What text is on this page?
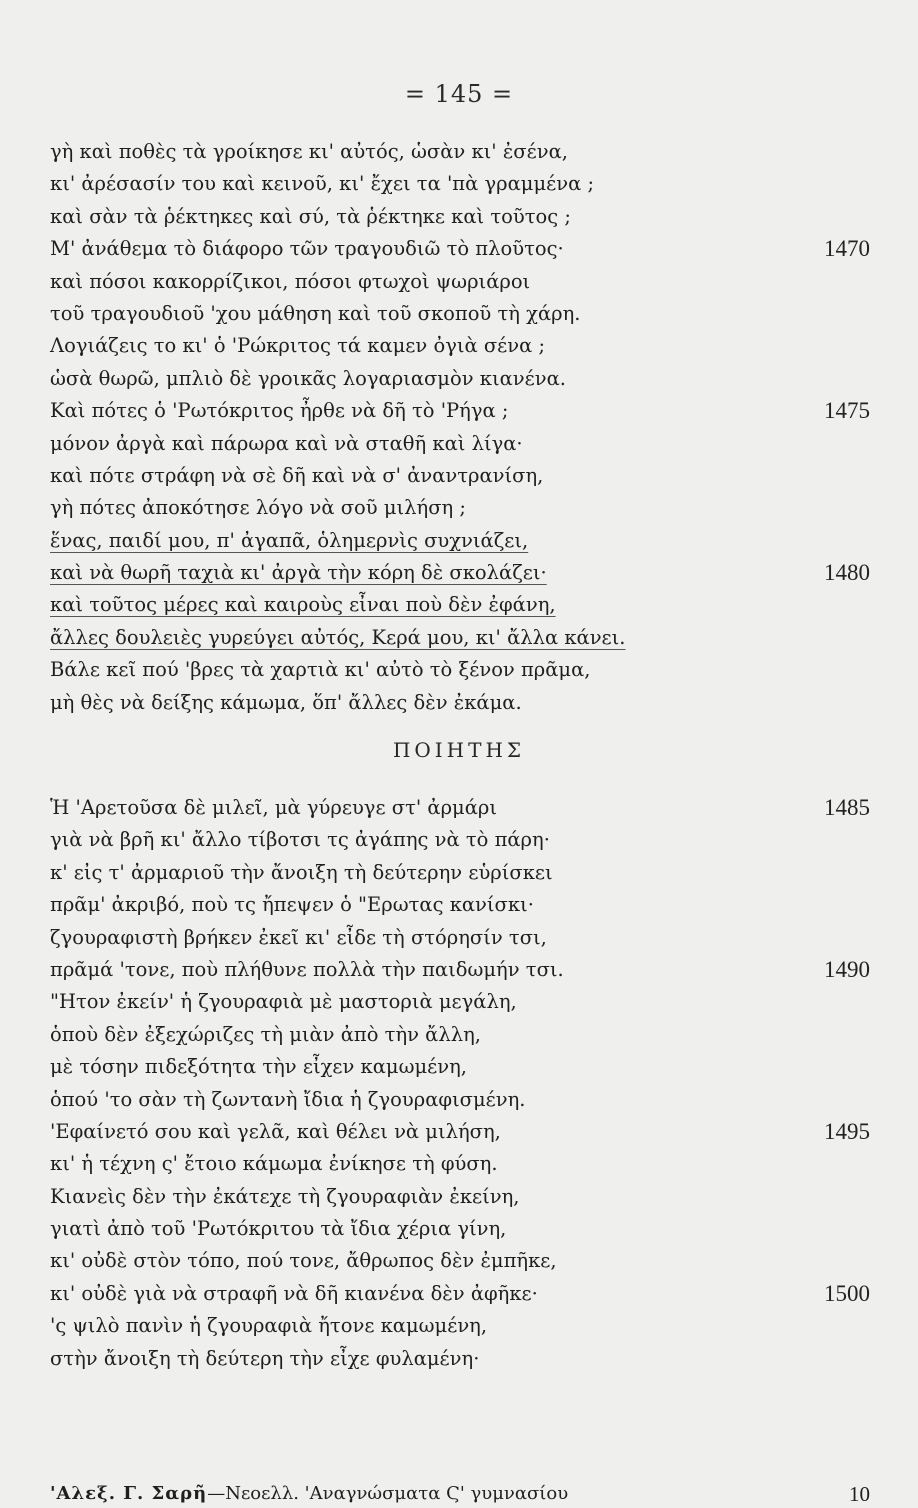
= 145 =
γὴ καὶ ποθὲς τὰ γροίκησε κι' αὐτός, ὡσὰν κι' ἐσένα,
κι' ἀρέσασίν του καὶ κεινοῦ, κι' ἔχει τα 'πὰ γραμμένα ;
καὶ σὰν τὰ ῥέκτηκες καὶ σύ, τὰ ῥέκτηκε καὶ τοῦτος ;
Μ' ἀνάθεμα τὸ διάφορο τῶν τραγουδιῶ τὸ πλοῦτος·	1470
καὶ πόσοι κακορρίζικοι, πόσοι φτωχοὶ ψωριάροι
τοῦ τραγουδιοῦ 'χου μάθηση καὶ τοῦ σκοποῦ τὴ χάρη.
Λογιάζεις το κι' ὁ 'Ρώκριτος τά καμεν ὀγιὰ σένα ;
ὡσὰ θωρῶ, μπλιὸ δὲ γροικᾶς λογαριασμὸν κιανένα.
Καὶ πότες ὁ 'Ρωτόκριτος ἦρθε νὰ δῆ τὸ 'Ρήγα ;	1475
μόνον ἀργὰ καὶ πάρωρα καὶ νὰ σταθῆ καὶ λίγα·
καὶ πότε στράφη νὰ σὲ δῆ καὶ νὰ σ' ἀναντρανίση,
γὴ πότες ἀποκότησε λόγο νὰ σοῦ μιλήση ;
ἕνας, παιδί μου, π' ἀγαπᾶ, ὁλημερνὶς συχνιάζει,
καὶ νὰ θωρῆ ταχιὰ κι' ἀργὰ τὴν κόρη δὲ σκολάζει·	1480
καὶ τοῦτος μέρες καὶ καιροὺς εἶναι ποὺ δὲν ἐφάνη,
ἄλλες δουλειὲς γυρεύγει αὐτός, Κερά μου, κι' ἄλλα κάνει.
Βάλε κεῖ πού 'βρες τὰ χαρτιὰ κι' αὐτὸ τὸ ξένον πρᾶμα,
μὴ θὲς νὰ δείξης κάμωμα, ὅπ' ἄλλες δὲν ἐκάμα.
ΠΟΙΗΤΗΣ
Ἡ 'Αρετοῦσα δὲ μιλεῖ, μὰ γύρευγε στ' ἀρμάρι	1485
γιὰ νὰ βρῆ κι' ἄλλο τίβοτσι τς ἀγάπης νὰ τὸ πάρη·
κ' εἰς τ' ἀρμαριοῦ τὴν ἄνοιξη τὴ δεύτερην εὑρίσκει
πρᾶμ' ἀκριβό, ποὺ τς ἤπεψεν ὁ "Ερωτας κανίσκι·
ζγουραφιστὴ βρήκεν ἐκεῖ κι' εἶδε τὴ στόρησίν τσι,
πρᾶμά 'τονε, ποὺ πλήθυνε πολλὰ τὴν παιδωμήν τσι.	1490
"Ητον ἐκείν' ἡ ζγουραφιὰ μὲ μαστοριὰ μεγάλη,
ὁποὺ δὲν ἐξεχώριζες τὴ μιὰν ἀπὸ τὴν ἄλλη,
μὲ τόσην πιδεξότητα τὴν εἶχεν καμωμένη,
ὁπού 'το σὰν τὴ ζωντανὴ ἴδια ἡ ζγουραφισμένη.
'Εφαίνετό σου καὶ γελᾶ, καὶ θέλει νὰ μιλήση,	1495
κι' ἡ τέχνη ς' ἔτοιο κάμωμα ἐνίκησε τὴ φύση.
Κιανεὶς δὲν τὴν ἐκάτεχε τὴ ζγουραφιὰν ἐκείνη,
γιατὶ ἀπὸ τοῦ 'Ρωτόκριτου τὰ ἴδια χέρια γίνη,
κι' οὐδὲ στὸν τόπο, πού τονε, ἄθρωπος δὲν ἐμπῆκε,
κι' οὐδὲ γιὰ νὰ στραφῆ νὰ δῆ κιανένα δὲν ἀφῆκε·	1500
'ς ψιλὸ πανὶν ἡ ζγουραφιὰ ἤτονε καμωμένη,
στὴν ἄνοιξη τὴ δεύτερη τὴν εἶχε φυλαμένη·
'Αλεξ. Γ. Σαρῆ—Νεοελλ. 'Αναγνώσματα Ϛ' γυμνασίου	10
